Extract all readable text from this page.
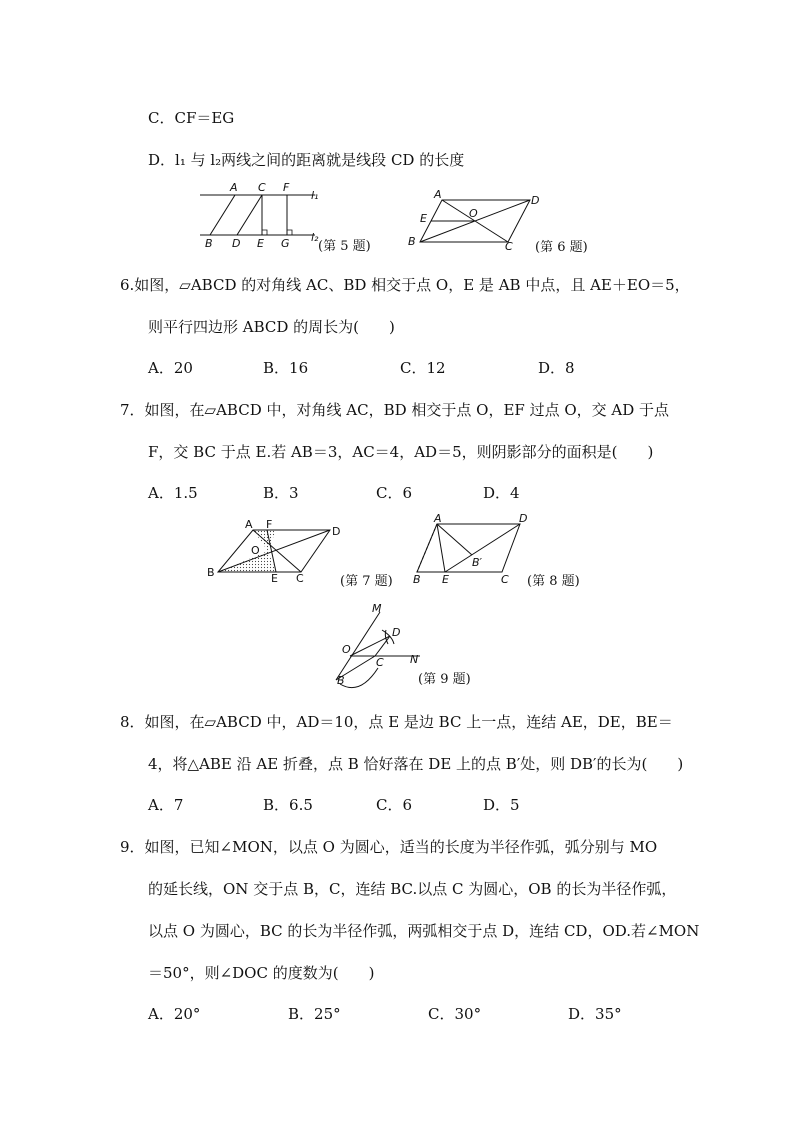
C．CF＝EG
D．l₁ 与 l₂两线之间的距离就是线段 CD 的长度
A C F
l₁
B D E G l₂
(第 5 题)
A	D
O
E
B	C (第 6 题)
6.如图，▱ABCD 的对角线 AC、BD 相交于点 O，E 是 AB 中点，且 AE＋EO＝5，
则平行四边形 ABCD 的周长为(　　)
A．20	B．16	C．12	D．8
7．如图，在▱ABCD 中，对角线 AC，BD 相交于点 O，EF 过点 O，交 AD 于点
F，交 BC 于点 E.若 AB＝3，AC＝4，AD＝5，则阴影部分的面积是(　　)
A．1.5	B．3	C．6	D．4
A F
D
O
B	E C	(第 7 题)
A	D
B′
B E	C (第 8 题)
M
D
O
C N
B	(第 9 题)
8．如图，在▱ABCD 中，AD＝10，点 E 是边 BC 上一点，连结 AE，DE，BE＝
4，将△ABE 沿 AE 折叠，点 B 恰好落在 DE 上的点 B′处，则 DB′的长为(　　)
A．7	B．6.5	C．6	D．5
9．如图，已知∠MON，以点 O 为圆心，适当的长度为半径作弧，弧分别与 MO
的延长线，ON 交于点 B，C，连结 BC.以点 C 为圆心，OB 的长为半径作弧，
以点 O 为圆心，BC 的长为半径作弧，两弧相交于点 D，连结 CD，OD.若∠MON
＝50°，则∠DOC 的度数为(　　)
A．20°	B．25°	C．30°	D．35°
